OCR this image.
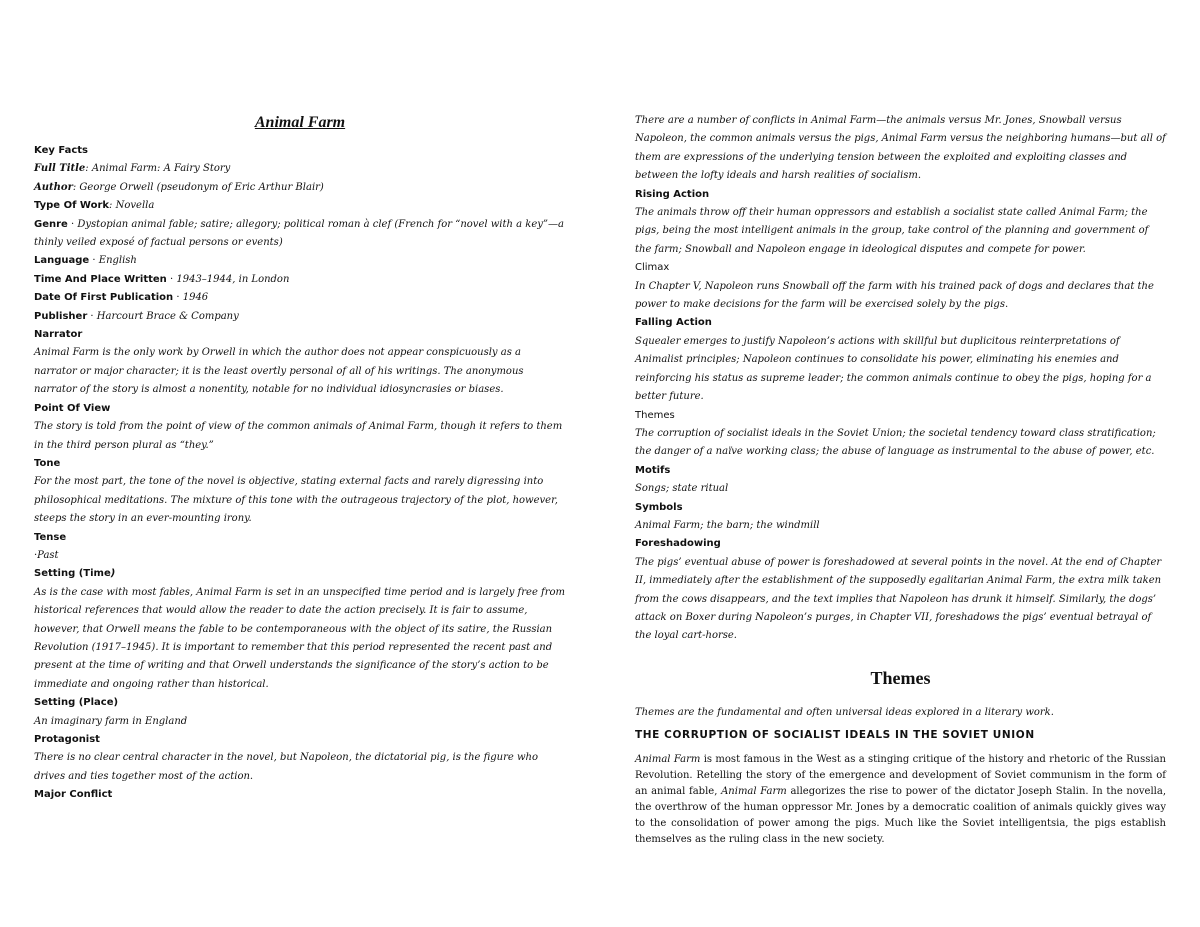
Animal Farm
Key Facts
Full Title: Animal Farm: A Fairy Story
Author: George Orwell (pseudonym of Eric Arthur Blair)
Type Of Work: Novella
Genre · Dystopian animal fable; satire; allegory; political roman à clef (French for “novel with a key”—a thinly veiled exposé of factual persons or events)
Language · English
Time And Place Written · 1943–1944, in London
Date Of First Publication · 1946
Publisher · Harcourt Brace & Company
Narrator
Animal Farm is the only work by Orwell in which the author does not appear conspicuously as a narrator or major character; it is the least overtly personal of all of his writings. The anonymous narrator of the story is almost a nonentity, notable for no individual idiosyncrasies or biases.
Point Of View
The story is told from the point of view of the common animals of Animal Farm, though it refers to them in the third person plural as “they.”
Tone
For the most part, the tone of the novel is objective, stating external facts and rarely digressing into philosophical meditations. The mixture of this tone with the outrageous trajectory of the plot, however, steeps the story in an ever-mounting irony.
Tense
·Past
Setting (Time)
As is the case with most fables, Animal Farm is set in an unspecified time period and is largely free from historical references that would allow the reader to date the action precisely. It is fair to assume, however, that Orwell means the fable to be contemporaneous with the object of its satire, the Russian Revolution (1917–1945). It is important to remember that this period represented the recent past and present at the time of writing and that Orwell understands the significance of the story’s action to be immediate and ongoing rather than historical.
Setting (Place)
An imaginary farm in England
Protagonist
There is no clear central character in the novel, but Napoleon, the dictatorial pig, is the figure who drives and ties together most of the action.
Major Conflict
There are a number of conflicts in Animal Farm—the animals versus Mr. Jones, Snowball versus Napoleon, the common animals versus the pigs, Animal Farm versus the neighboring humans—but all of them are expressions of the underlying tension between the exploited and exploiting classes and between the lofty ideals and harsh realities of socialism.
Rising Action
The animals throw off their human oppressors and establish a socialist state called Animal Farm; the pigs, being the most intelligent animals in the group, take control of the planning and government of the farm; Snowball and Napoleon engage in ideological disputes and compete for power.
Climax
In Chapter V, Napoleon runs Snowball off the farm with his trained pack of dogs and declares that the power to make decisions for the farm will be exercised solely by the pigs.
Falling Action
Squealer emerges to justify Napoleon’s actions with skillful but duplicitous reinterpretations of Animalist principles; Napoleon continues to consolidate his power, eliminating his enemies and reinforcing his status as supreme leader; the common animals continue to obey the pigs, hoping for a better future.
Themes
The corruption of socialist ideals in the Soviet Union; the societal tendency toward class stratification; the danger of a naïve working class; the abuse of language as instrumental to the abuse of power, etc.
Motifs
Songs; state ritual
Symbols
Animal Farm; the barn; the windmill
Foreshadowing
The pigs’ eventual abuse of power is foreshadowed at several points in the novel. At the end of Chapter II, immediately after the establishment of the supposedly egalitarian Animal Farm, the extra milk taken from the cows disappears, and the text implies that Napoleon has drunk it himself. Similarly, the dogs’ attack on Boxer during Napoleon’s purges, in Chapter VII, foreshadows the pigs’ eventual betrayal of the loyal cart-horse.
Themes

Themes are the fundamental and often universal ideas explored in a literary work.

THE CORRUPTION OF SOCIALIST IDEALS IN THE SOVIET UNION

Animal Farm is most famous in the West as a stinging critique of the history and rhetoric of the Russian Revolution. Retelling the story of the emergence and development of Soviet communism in the form of an animal fable, Animal Farm allegorizes the rise to power of the dictator Joseph Stalin. In the novella, the overthrow of the human oppressor Mr. Jones by a democratic coalition of animals quickly gives way to the consolidation of power among the pigs. Much like the Soviet intelligentsia, the pigs establish themselves as the ruling class in the new society.
